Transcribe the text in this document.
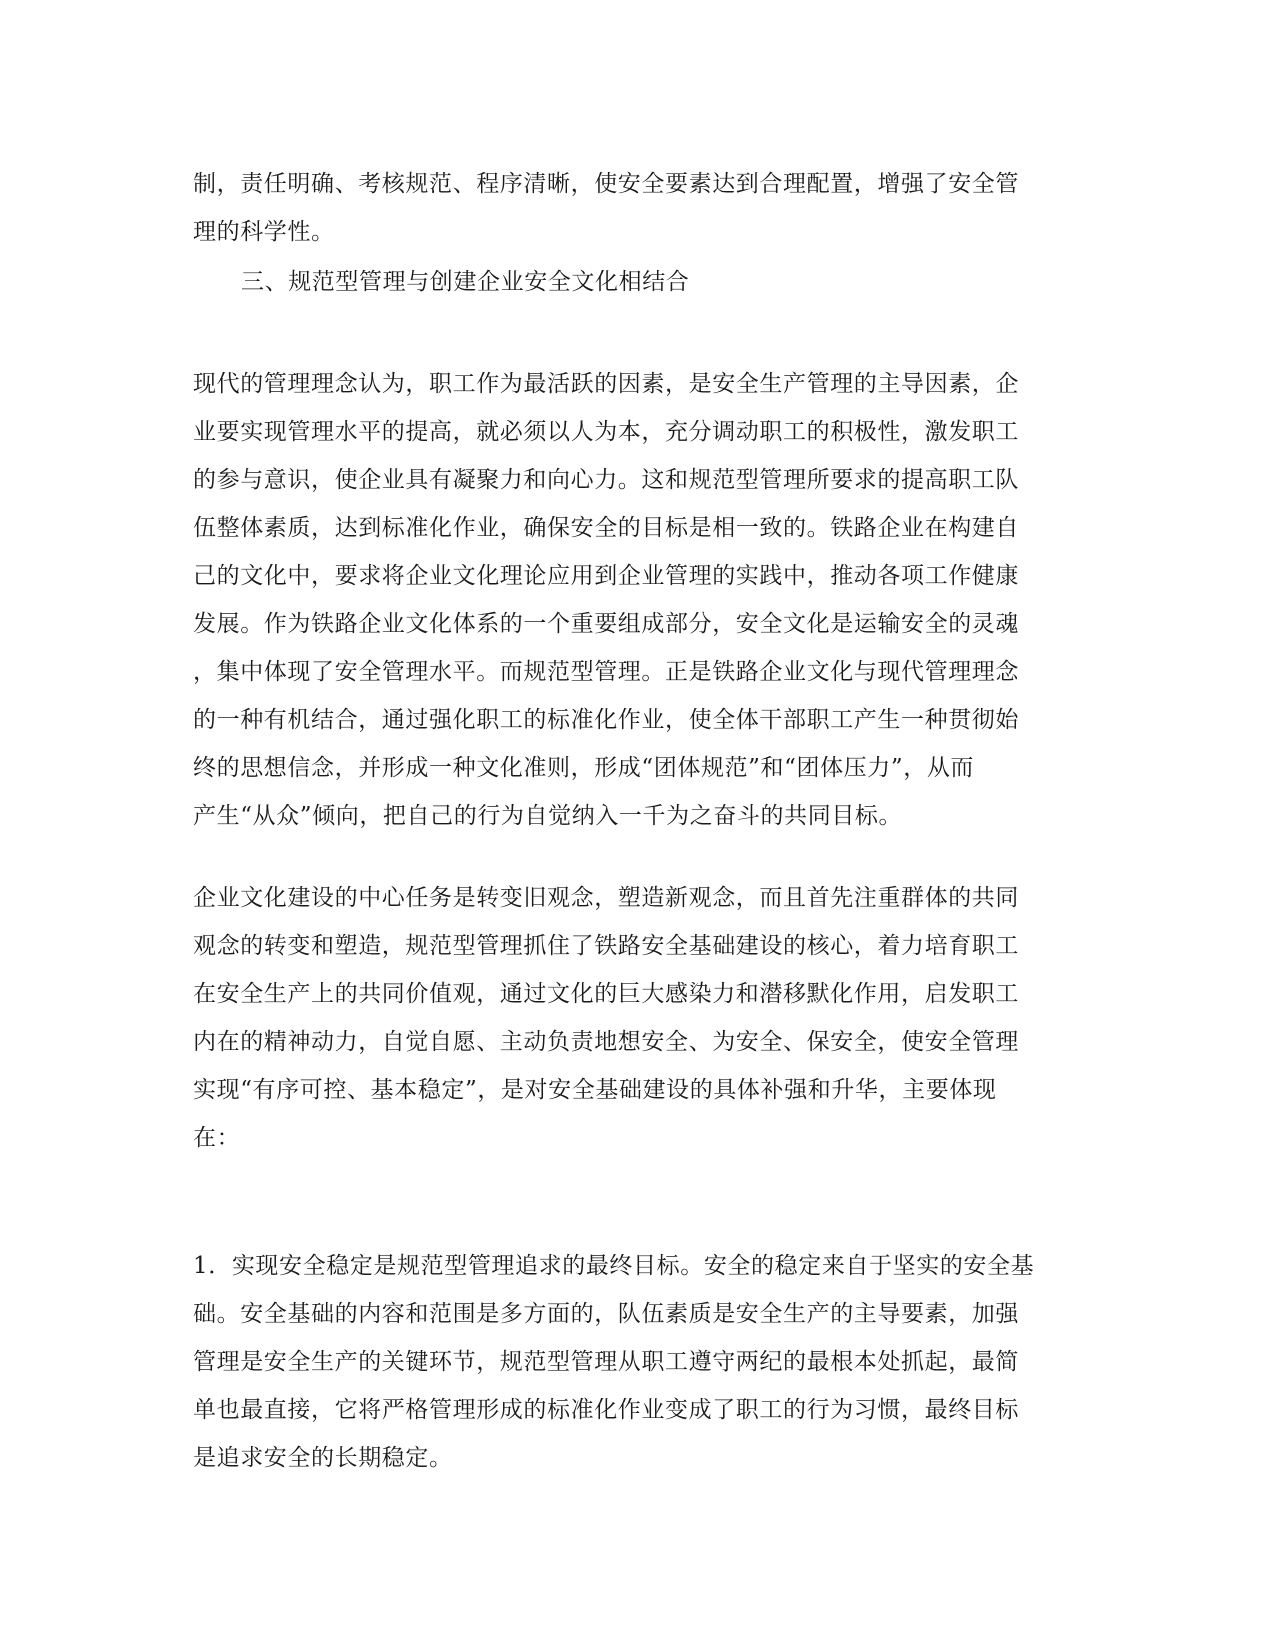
制，责任明确、考核规范、程序清晰，使安全要素达到合理配置，增强了安全管
理的科学性。
三、规范型管理与创建企业安全文化相结合
现代的管理理念认为，职工作为最活跃的因素，是安全生产管理的主导因素，企
业要实现管理水平的提高，就必须以人为本，充分调动职工的积极性，激发职工
的参与意识，使企业具有凝聚力和向心力。这和规范型管理所要求的提高职工队
伍整体素质，达到标准化作业，确保安全的目标是相一致的。铁路企业在构建自
己的文化中，要求将企业文化理论应用到企业管理的实践中，推动各项工作健康
发展。作为铁路企业文化体系的一个重要组成部分，安全文化是运输安全的灵魂
，集中体现了安全管理水平。而规范型管理。正是铁路企业文化与现代管理理念
的一种有机结合，通过强化职工的标准化作业，使全体干部职工产生一种贯彻始
终的思想信念，并形成一种文化准则，形成“团体规范”和“团体压力”，从而
产生“从众”倾向，把自己的行为自觉纳入一千为之奋斗的共同目标。
企业文化建设的中心任务是转变旧观念，塑造新观念，而且首先注重群体的共同
观念的转变和塑造，规范型管理抓住了铁路安全基础建设的核心，着力培育职工
在安全生产上的共同价值观，通过文化的巨大感染力和潜移默化作用，启发职工
内在的精神动力，自觉自愿、主动负责地想安全、为安全、保安全，使安全管理
实现“有序可控、基本稳定”，是对安全基础建设的具体补强和升华，主要体现
在：
1．实现安全稳定是规范型管理追求的最终目标。安全的稳定来自于坚实的安全基
础。安全基础的内容和范围是多方面的，队伍素质是安全生产的主导要素，加强
管理是安全生产的关键环节，规范型管理从职工遵守两纪的最根本处抓起，最简
单也最直接，它将严格管理形成的标准化作业变成了职工的行为习惯，最终目标
是追求安全的长期稳定。
